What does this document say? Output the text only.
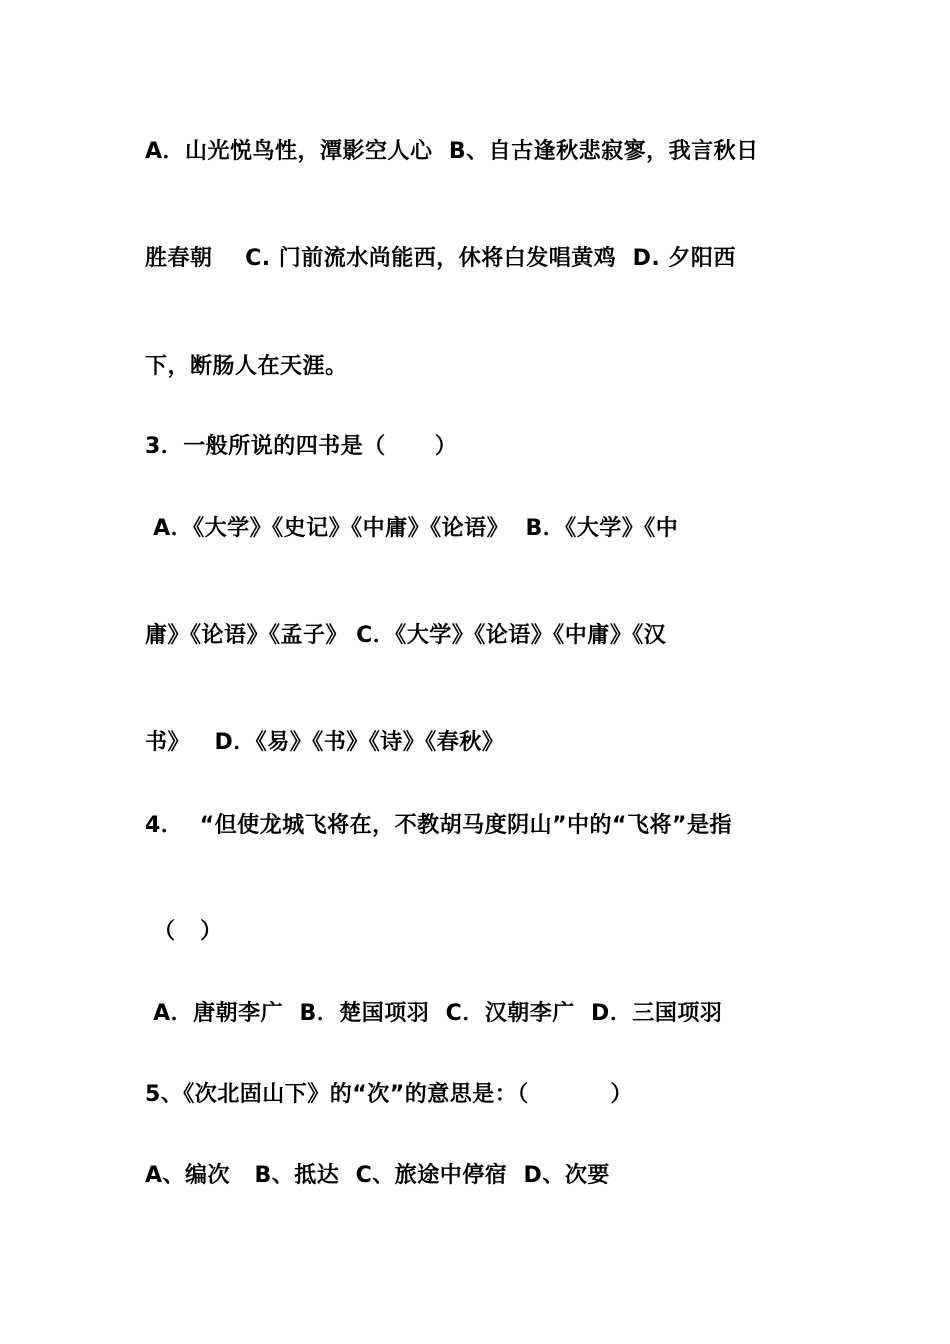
A．山光悦鸟性，潭影空人心  B、自古逢秋悲寂寥，我言秋日
胜春朝    C. 门前流水尚能西，休将白发唱黄鸡  D. 夕阳西
下，断肠人在天涯。
3．一般所说的四书是（      ）
A．《大学》《史记》《中庸》《论语》  B．《大学》《中
庸》《论语》《孟子》 C．《大学》《论语》《中庸》《汉
书》   D．《易》《书》《诗》《春秋》
4．  “但使龙城飞将在，不教胡马度阴山”中的“飞将”是指
（   ）
A．唐朝李广  B．楚国项羽  C．汉朝李广  D．三国项羽
5、《次北固山下》的“次”的意思是：（          ）
A、编次   B、抵达  C、旅途中停宿  D、次要
